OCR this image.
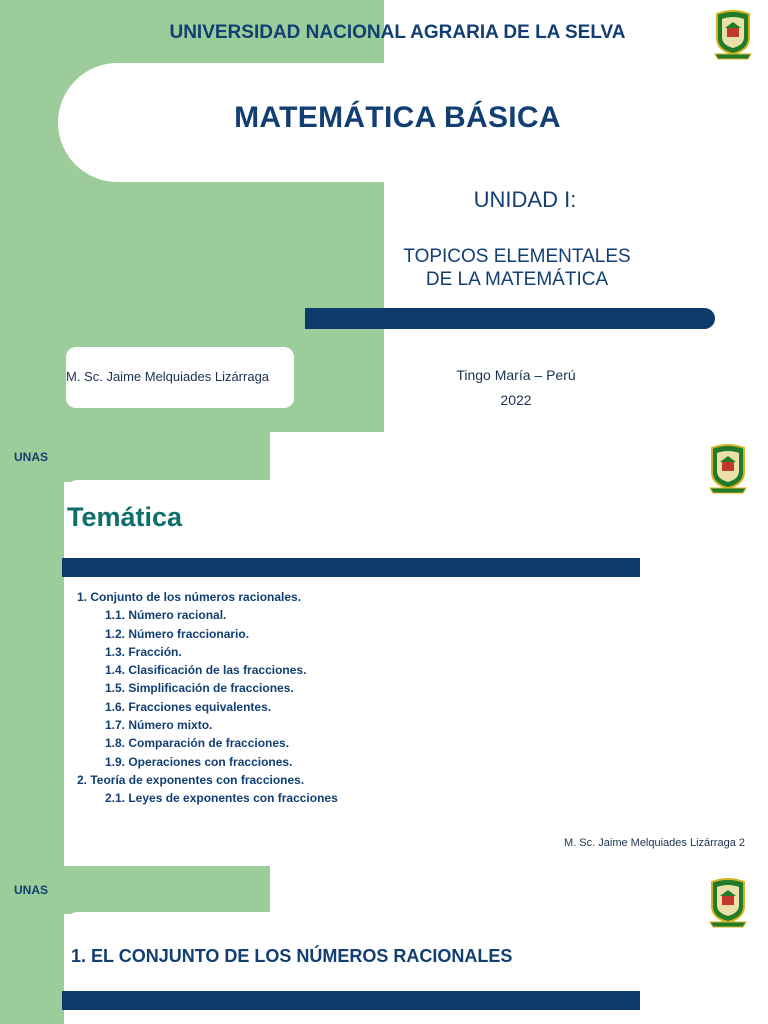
UNIVERSIDAD NACIONAL AGRARIA DE LA SELVA
MATEMÁTICA BÁSICA
UNIDAD I:
TOPICOS ELEMENTALES
DE LA MATEMÁTICA
M. Sc. Jaime Melquiades Lizárraga	Tingo María – Perú
2022
UNAS
Temática
1. Conjunto de los números racionales.
1.1. Número racional.
1.2. Número fraccionario.
1.3. Fracción.
1.4. Clasificación de las fracciones.
1.5. Simplificación de fracciones.
1.6. Fracciones equivalentes.
1.7. Número mixto.
1.8. Comparación de fracciones.
1.9. Operaciones con fracciones.
2. Teoría de exponentes con fracciones.
2.1. Leyes de exponentes con fracciones
M. Sc. Jaime Melquiades Lizárraga 2
UNAS
1. EL CONJUNTO DE LOS NÚMEROS RACIONALES
